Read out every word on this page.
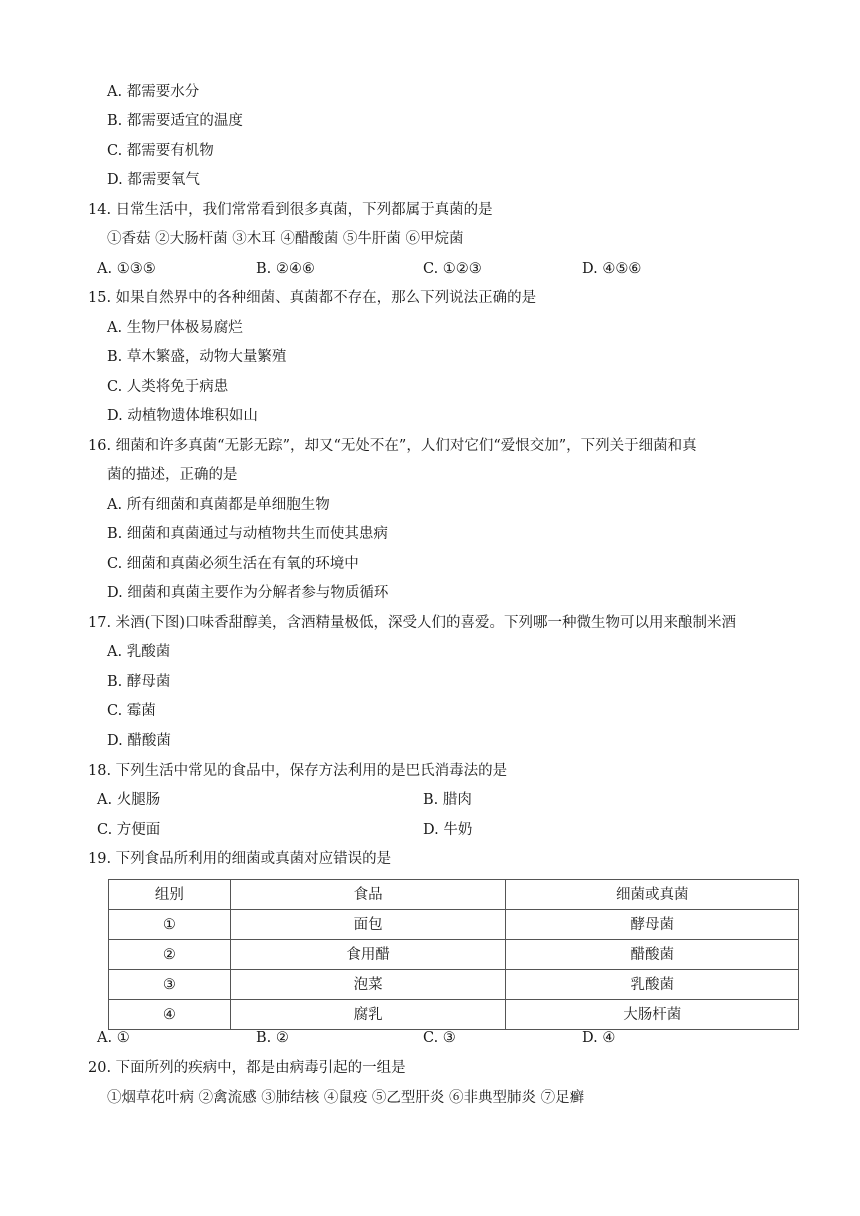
A. 都需要水分
B. 都需要适宜的温度
C. 都需要有机物
D. 都需要氧气
14. 日常生活中，我们常常看到很多真菌，下列都属于真菌的是
①香菇 ②大肠杆菌 ③木耳 ④醋酸菌 ⑤牛肝菌 ⑥甲烷菌
A. ①③⑤	B. ②④⑥	C. ①②③	D. ④⑤⑥
15. 如果自然界中的各种细菌、真菌都不存在，那么下列说法正确的是
A. 生物尸体极易腐烂
B. 草木繁盛，动物大量繁殖
C. 人类将免于病患
D. 动植物遗体堆积如山
16. 细菌和许多真菌“无影无踪”，却又“无处不在”，人们对它们“爱恨交加”，下列关于细菌和真
菌的描述，正确的是
A. 所有细菌和真菌都是单细胞生物
B. 细菌和真菌通过与动植物共生而使其患病
C. 细菌和真菌必须生活在有氧的环境中
D. 细菌和真菌主要作为分解者参与物质循环
17. 米酒(下图)口味香甜醇美，含酒精量极低，深受人们的喜爱。下列哪一种微生物可以用来酿制米酒
A. 乳酸菌
B. 酵母菌
C. 霉菌
D. 醋酸菌
18. 下列生活中常见的食品中，保存方法利用的是巴氏消毒法的是
A. 火腿肠	B. 腊肉
C. 方便面	D. 牛奶
19. 下列食品所利用的细菌或真菌对应错误的是
组别	食品	细菌或真菌
①	面包	酵母菌
②	食用醋	醋酸菌
③	泡菜	乳酸菌
④	腐乳	大肠杆菌
A. ①	B. ②	C. ③	D. ④
20. 下面所列的疾病中，都是由病毒引起的一组是
①烟草花叶病 ②禽流感 ③肺结核 ④鼠疫 ⑤乙型肝炎 ⑥非典型肺炎 ⑦足癣
